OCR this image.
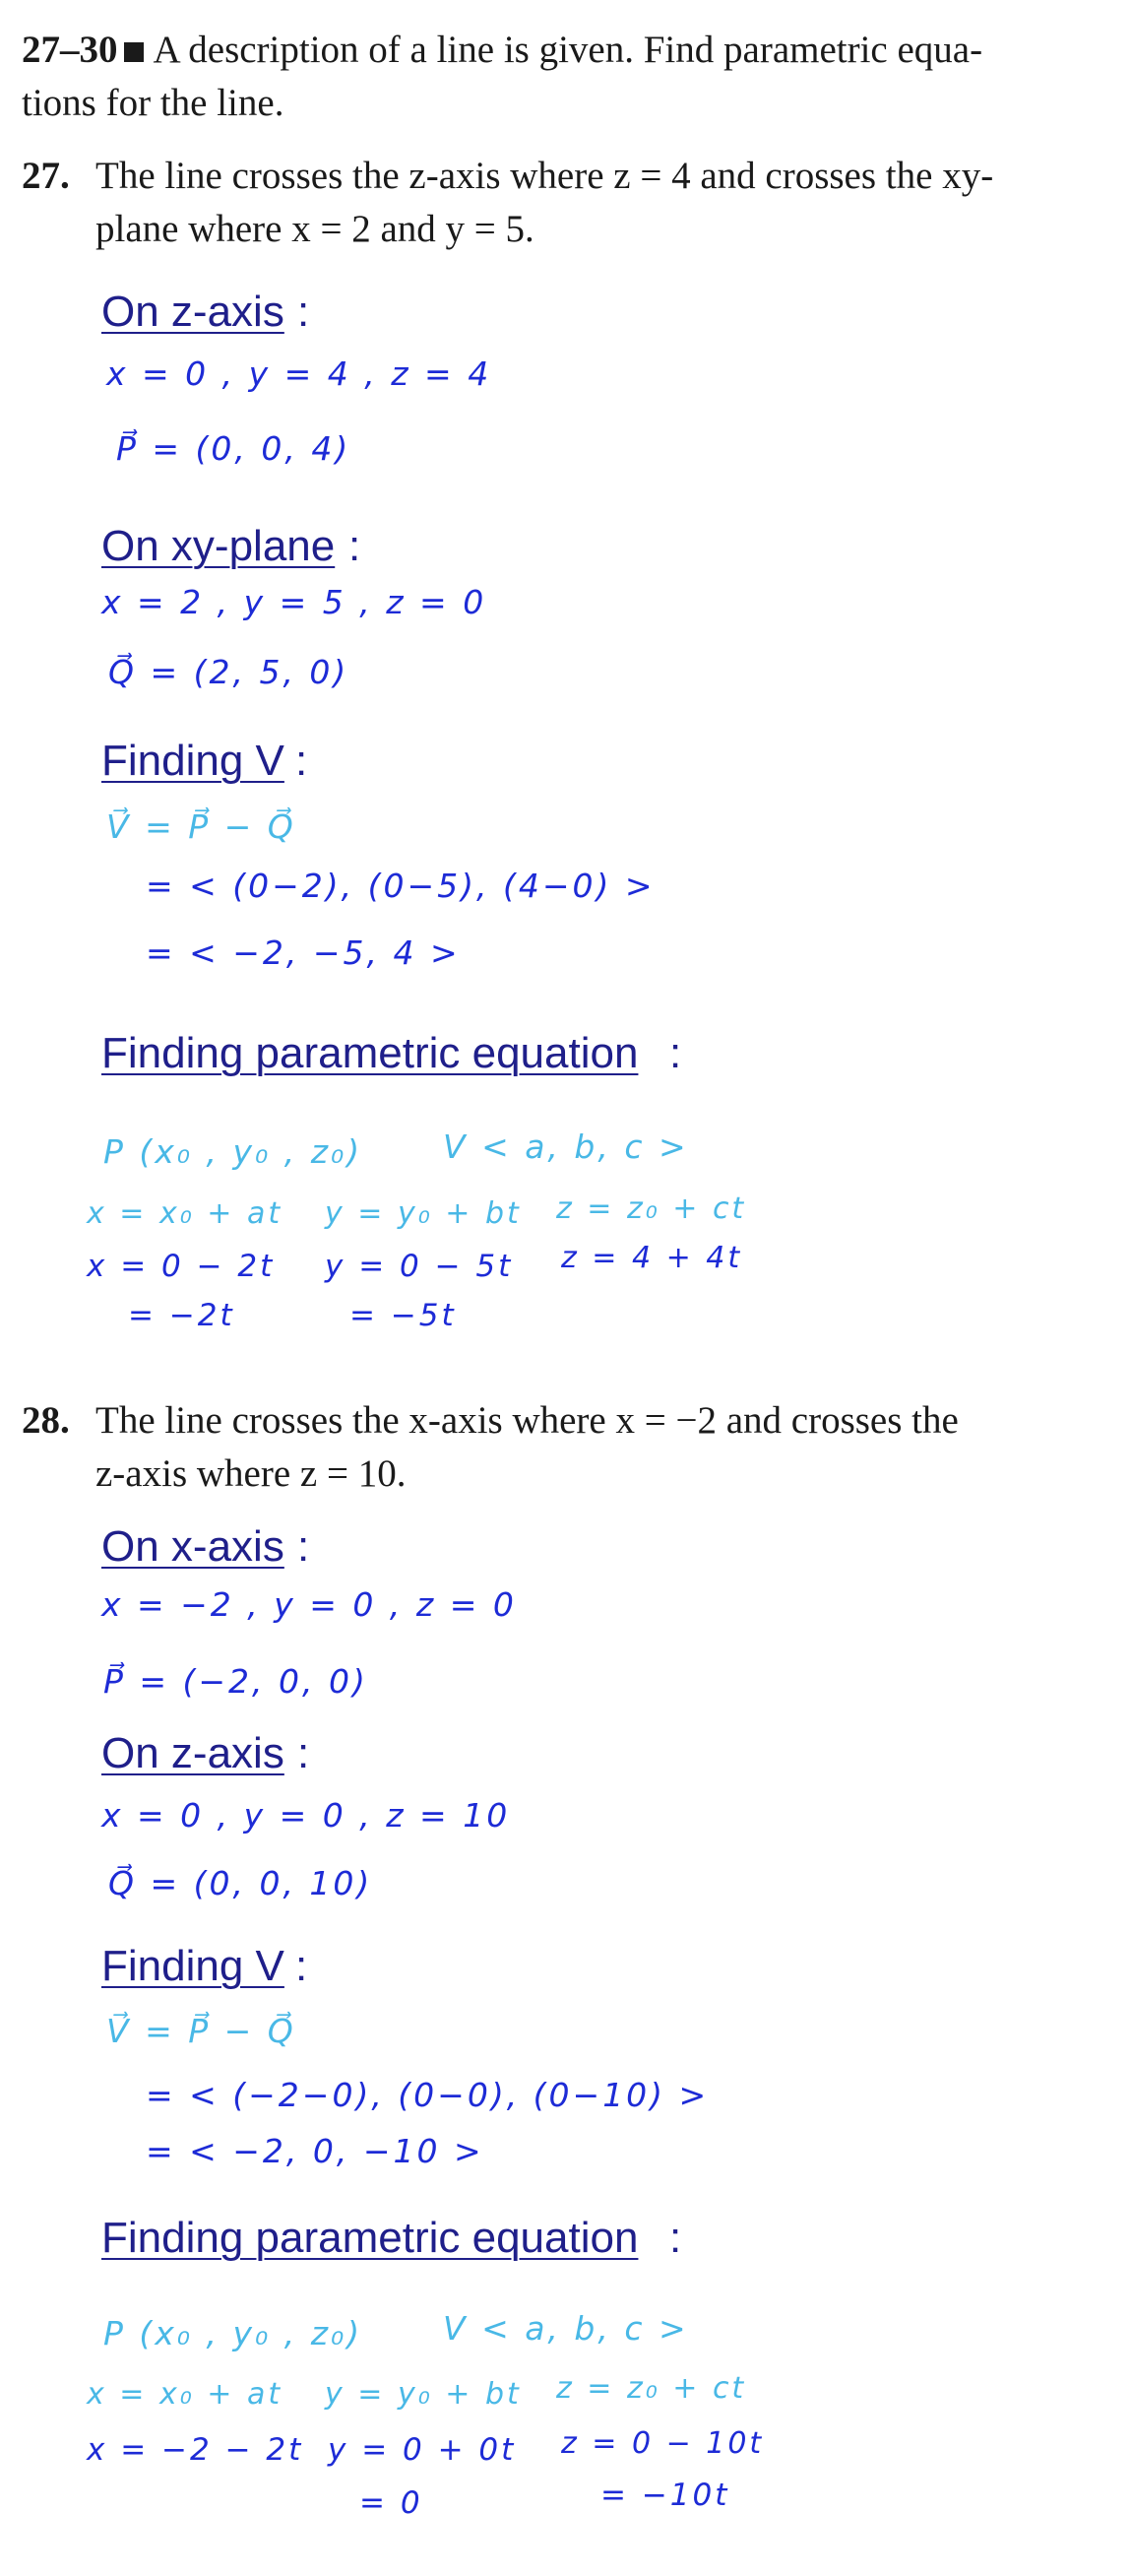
27–30 A description of a line is given. Find parametric equa-
tions for the line.
27. The line crosses the z-axis where z = 4 and crosses the xy-
plane where x = 2 and y = 5.
On z-axis :
x = 0 , y = 4 , z = 4
P⃗ = (0, 0, 4)
On xy-plane :
x = 2 , y = 5 , z = 0
Q⃗ = (2, 5, 0)
Finding V :
V⃗ = P⃗ − Q⃗
= < (0−2), (0−5), (4−0) >
= < −2, −5, 4 >
Finding parametric equation :
P (x₀ , y₀ , z₀) V < a, b, c >
x = x₀ + at y = y₀ + bt z = z₀ + ct
x = 0 − 2t y = 0 − 5t z = 4 + 4t
= −2t	= −5t
28. The line crosses the x-axis where x = −2 and crosses the
z-axis where z = 10.
On x-axis :
x = −2 , y = 0 , z = 0
P⃗ = (−2, 0, 0)
On z-axis :
x = 0 , y = 0 , z = 10
Q⃗ = (0, 0, 10)
Finding V :
V⃗ = P⃗ − Q⃗
= < (−2−0), (0−0), (0−10) >
= < −2, 0, −10 >
Finding parametric equation :
P (x₀ , y₀ , z₀) V < a, b, c >
x = x₀ + at y = y₀ + bt z = z₀ + ct
x = −2 − 2t y = 0 + 0t z = 0 − 10t
= 0	= −10t
